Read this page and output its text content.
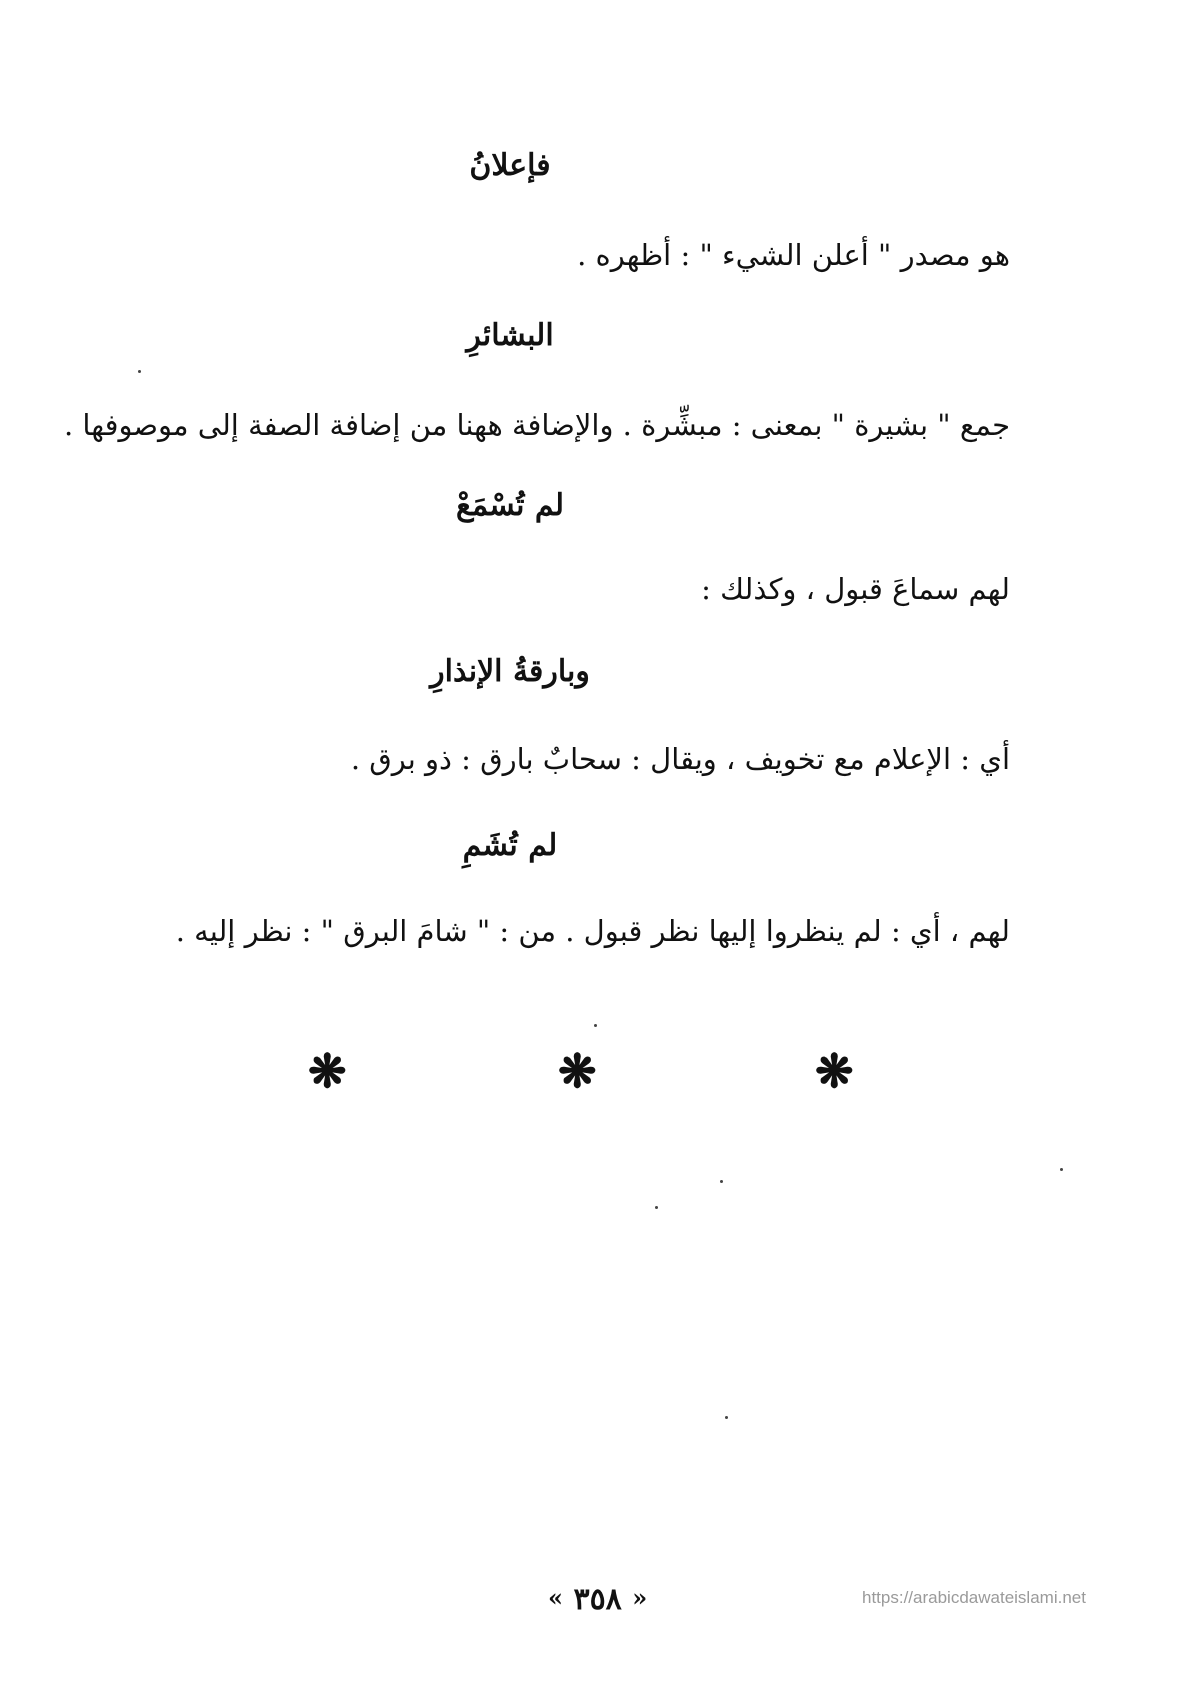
فإعلانُ
هو مصدر " أعلن الشيء " : أظهره .
البشائرِ
جمع " بشيرة " بمعنى : مبشِّرة . والإضافة ههنا من إضافة الصفة إلى موصوفها .
لم تُسْمَعْ
لهم سماعَ قبول ، وكذلك :
وبارقةُ الإنذارِ
أي : الإعلام مع تخويف ، ويقال : سحابٌ بارق : ذو برق .
لم تُشَمِ
لهم ، أي : لم ينظروا إليها نظر قبول . من : " شامَ البرق " : نظر إليه .
❋	❋	❋
« ٣٥٨ »	https://arabicdawateislami.net
